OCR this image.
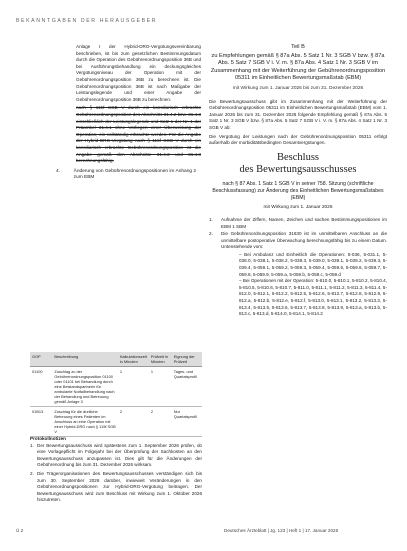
BEKANNTGABEN DER HERAUSGEBER

Anlage I der Hybrid-DRG-Vergütungsvereinbarung beschrieben, ist bis zum gesetzlichen Bestimmungsdatum durch die Operation des Gebührenordnungsposition 36B und bei Ausführungsbehandlung ein deckungsgleiches Vergütungsniveau der Operation mit der Gebührenordnungsposition 36B zu berechnen ist. Die Gebührenordnungsposition 36B ist nach Maßgabe der Leistungslegende und einer Angabe der Gebührenordnungsposition 36B zu berechnen.

nach § 115f SGB V durch ein konsiliarisch erbrachte Gebührenordnungsposition des Abschnitts 31.4.2 bzw. 31.4.3 einschließlich der Leistungslegende und Satz 1 der Nr. 1 der Präambel 31.4.1 ohne Vorliegen einer Überweisung der Operation, ein vollständig erbrachte werden. Für die Angabe der Hybrid-DRG-Vergütung nach § 115f SGB V durch ein konsiliarisch erbrachte Gebührenordnungsposition ist die Angabe gemäß den Abschnitte 31.4.2 und 31.4.3 berechnungsfähig.

4.	Änderung von Gebührenordnungspositionen im Anhang 2 zum EBM
GOP	Beschreibung	Kalkulationszeit in Minuten	Prüfzeit in Minuten	Eignung der Prüfzeit
01100	Zuschlag zu der Gebührenordnungsposition 01100 oder 01101 bei Behandlung durch eine Beistandspartnerin für ambulante Notfallbehandlung nach der Behandlung und Betreuung gemäß Anlage 3	1	1	Tages- und Quartalsprofil
01B13	Zuschlag für die ärztliche Betreuung eines Patienten im Anschluss an eine Operation mit einer Hybrid-DRG nach § 115f SGB V	2	2	Nur Quartalsprofil
Protokollnotizen
1. Der Bewertungsausschuss wird spätestens zum 1. September 2026 prüfen, ob eine Vorlagepflicht im Folgejahr bei der Überprüfung der Sachkosten an den Bewertungsausschuss anzupassen ist. Dies gilt für die Änderungen der Gebührenordnung bis zum 31. Dezember 2026 wirksam.
2. Die Trägerorganisationen des Bewertungsausschusses verständigen sich bis zum 30. September 2026 darüber, inwieweit Veränderungen in den Gebührenordnungspositionen zur Hybrid-DRG-Vergütung beitragen. Der Bewertungsausschuss wird zum Beschluss mit Wirkung zum 1. Oktober 2026 hinzutreten.
Teil B
zu Empfehlungen gemäß § 87a Abs. 5 Satz 1 Nr. 3 SGB V bzw. § 87a Abs. 5 Satz 7 SGB V i. V. m. § 87a Abs. 4 Satz 1 Nr. 3 SGB V im Zusammenhang mit der Weiterführung der Gebührenordnungsposition 05311 im Einheitlichen Bewertungsmaßstab (EBM)
mit Wirkung zum 1. Januar 2026 bis zum 31. Dezember 2026

Die Bewertungsausschuss gibt im Zusammenhang mit der Weiterführung der Gebührenordnungsposition 05311 im Einheitlichen Bewertungsmaßstab (EBM) vom 1. Januar 2026 bis zum 31. Dezember 2026 folgende Empfehlung gemäß § 87a Abs. 5 Satz 1 Nr. 3 SGB V bzw. § 87a Abs. 5 Satz 7 SGB V i. V. m. § 87a Abs. 4 Satz 1 Nr. 3 SGB V ab:

Die Vergütung der Leistungen nach der Gebührenordnungsposition 05311 erfolgt außerhalb der morbiditätsbedingten Gesamtvergütungen.

Beschluss
des Bewertungsausschusses
nach § 87 Abs. 1 Satz 1 SGB V in seiner 758. Sitzung (schriftliche Beschlussfassung) zur Änderung des Einheitlichen Bewertungsmaßstabes (EBM)
mit Wirkung zum 1. Januar 2026
1.	Aufnahme der Ziffern, Namen, Zeichen und sachen Bestimmungspositionen im EBM 1 SBM
2.	Die Gebührenordnungsposition 31630 ist im unmittelbaren Anschluss an die unmittelbare postoperative Überwachung berechnungsfähig bis zu einem Datum. Untenstehende vom:
– Bei Ambulanz und Einheitlich die Operationen: 5-036, 5-031.1, 5-038.0, 5-038.1, 5-038.2, 5-038.3, 5-039.0, 5-039.1, 5-039.2, 5-039.3, 5-039.4, 5-059.1, 5-059.2, 5-059.3, 5-059.4, 5-059.5, 5-059.6, 5-059.7, 5-059.8, 5-059.9, 5-059.a, 5-059.b, 5-059.c, 5-059.d
– Bei Operationen mit der Operation: 5-810.0, 5-810.1, 5-810.2, 5-810.4, 5-810.5, 5-810.6, 5-810.7, 5-811.0, 5-811.1, 5-811.2, 5-811.3, 5-811.4, 5-812.0, 5-812.1, 5-812.2, 5-812.5, 5-812.6, 5-812.7, 5-812.8, 5-812.9, 5-812.a, 5-812.b, 5-812.e, 5-812.f, 5-813.0, 5-813.1, 5-813.2, 5-813.3, 5-813.4, 5-813.5, 5-813.6, 5-813.7, 5-813.8, 5-813.9, 5-813.a, 5-813.b, 5-813.c, 5-813.d, 5-814.0, 5-814.1, 5-814.2
Ü 2	Deutsches Ärzteblatt | Jg. 123 | Heft 1 | 17. Januar 2026
